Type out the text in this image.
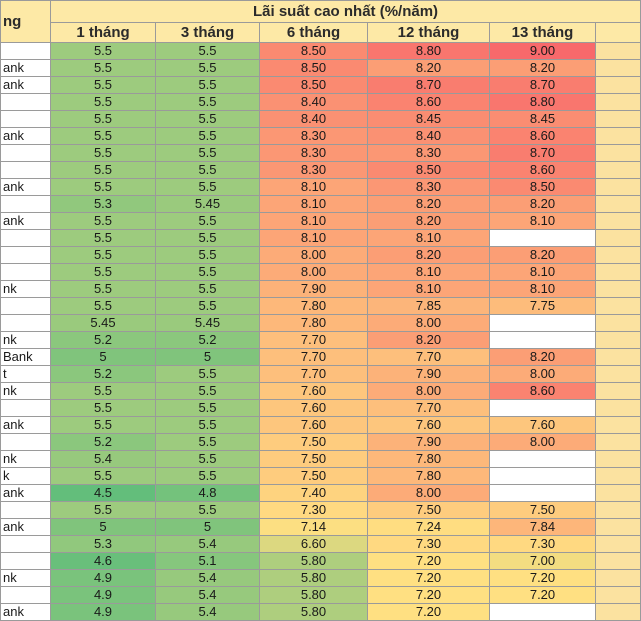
ng	Lãi suất cao nhất (%/năm)					
	1 tháng	3 tháng	6 tháng	12 tháng	13 tháng	
	5.5	5.5	8.50	8.80	9.00	
ank	5.5	5.5	8.50	8.20	8.20	
ank	5.5	5.5	8.50	8.70	8.70	
	5.5	5.5	8.40	8.60	8.80	
	5.5	5.5	8.40	8.45	8.45	
ank	5.5	5.5	8.30	8.40	8.60	
	5.5	5.5	8.30	8.30	8.70	
	5.5	5.5	8.30	8.50	8.60	
ank	5.5	5.5	8.10	8.30	8.50	
	5.3	5.45	8.10	8.20	8.20	
ank	5.5	5.5	8.10	8.20	8.10	
	5.5	5.5	8.10	8.10		
	5.5	5.5	8.00	8.20	8.20	
	5.5	5.5	8.00	8.10	8.10	
nk	5.5	5.5	7.90	8.10	8.10	
	5.5	5.5	7.80	7.85	7.75	
	5.45	5.45	7.80	8.00		
nk	5.2	5.2	7.70	8.20		
Bank	5	5	7.70	7.70	8.20	
t	5.2	5.5	7.70	7.90	8.00	
nk	5.5	5.5	7.60	8.00	8.60	
	5.5	5.5	7.60	7.70		
ank	5.5	5.5	7.60	7.60	7.60	
	5.2	5.5	7.50	7.90	8.00	
nk	5.4	5.5	7.50	7.80		
k	5.5	5.5	7.50	7.80		
ank	4.5	4.8	7.40	8.00		
	5.5	5.5	7.30	7.50	7.50	
ank	5	5	7.14	7.24	7.84	
	5.3	5.4	6.60	7.30	7.30	
	4.6	5.1	5.80	7.20	7.00	
nk	4.9	5.4	5.80	7.20	7.20	
	4.9	5.4	5.80	7.20	7.20	
ank	4.9	5.4	5.80	7.20		
